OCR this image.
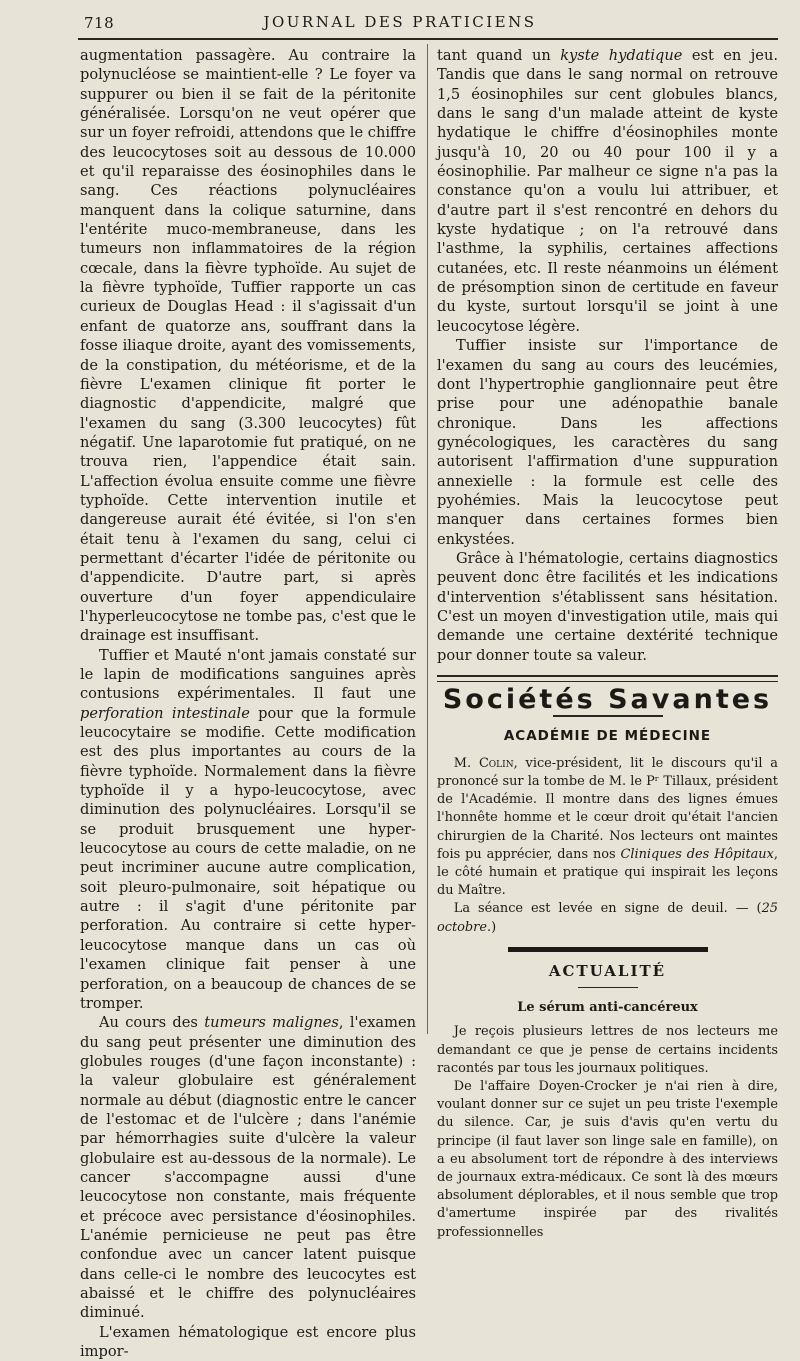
718	JOURNAL DES PRATICIENS

augmentation passagère. Au contraire la polynucléose se maintient-elle ? Le foyer va suppurer ou bien il se fait de la péritonite généralisée. Lorsqu'on ne veut opérer que sur un foyer refroidi, attendons que le chiffre des leucocytoses soit au dessous de 10.000 et qu'il reparaisse des éosinophiles dans le sang. Ces réactions polynucléaires manquent dans la colique saturnine, dans l'entérite muco-membraneuse, dans les tumeurs non inflammatoires de la région cœcale, dans la fièvre typhoïde. Au sujet de la fièvre typhoïde, Tuffier rapporte un cas curieux de Douglas Head : il s'agissait d'un enfant de quatorze ans, souffrant dans la fosse iliaque droite, ayant des vomissements, de la constipation, du météorisme, et de la fièvre L'examen clinique fit porter le diagnostic d'appendicite, malgré que l'examen du sang (3.300 leucocytes) fût négatif. Une laparotomie fut pratiqué, on ne trouva rien, l'appendice était sain. L'affection évolua ensuite comme une fièvre typhoïde. Cette intervention inutile et dangereuse aurait été évitée, si l'on s'en était tenu à l'examen du sang, celui ci permettant d'écarter l'idée de péritonite ou d'appendicite. D'autre part, si après ouverture d'un foyer appendiculaire l'hyperleucocytose ne tombe pas, c'est que le drainage est insuffisant.

Tuffier et Mauté n'ont jamais constaté sur le lapin de modifications sanguines après contusions expérimentales. Il faut une perforation intestinale pour que la formule leucocytaire se modifie. Cette modification est des plus importantes au cours de la fièvre typhoïde. Normalement dans la fièvre typhoïde il y a hypo-leucocytose, avec diminution des polynucléaires. Lorsqu'il se se produit brusquement une hyper-leucocytose au cours de cette maladie, on ne peut incriminer aucune autre complication, soit pleuro-pulmonaire, soit hépatique ou autre : il s'agit d'une péritonite par perforation. Au contraire si cette hyper-leucocytose manque dans un cas où l'examen clinique fait penser à une perforation, on a beaucoup de chances de se tromper.

Au cours des tumeurs malignes, l'examen du sang peut présenter une diminution des globules rouges (d'une façon inconstante) : la valeur globulaire est généralement normale au début (diagnostic entre le cancer de l'estomac et de l'ulcère ; dans l'anémie par hémorrhagies suite d'ulcère la valeur globulaire est au-dessous de la normale). Le cancer s'accompagne aussi d'une leucocytose non constante, mais fréquente et précoce avec persistance d'éosinophiles. L'anémie pernicieuse ne peut pas être confondue avec un cancer latent puisque dans celle-ci le nombre des leucocytes est abaissé et le chiffre des polynucléaires diminué.

L'examen hématologique est encore plus impor-

tant quand un kyste hydatique est en jeu. Tandis que dans le sang normal on retrouve 1,5 éosinophiles sur cent globules blancs, dans le sang d'un malade atteint de kyste hydatique le chiffre d'éosinophiles monte jusqu'à 10, 20 ou 40 pour 100 il y a éosinophilie. Par malheur ce signe n'a pas la constance qu'on a voulu lui attribuer, et d'autre part il s'est rencontré en dehors du kyste hydatique ; on l'a retrouvé dans l'asthme, la syphilis, certaines affections cutanées, etc. Il reste néanmoins un élément de présomption sinon de certitude en faveur du kyste, surtout lorsqu'il se joint à une leucocytose légère.

Tuffier insiste sur l'importance de l'examen du sang au cours des leucémies, dont l'hypertrophie ganglionnaire peut être prise pour une adénopathie banale chronique. Dans les affections gynécologiques, les caractères du sang autorisent l'affirmation d'une suppuration annexielle : la formule est celle des pyohémies. Mais la leucocytose peut manquer dans certaines formes bien enkystées.

Grâce à l'hématologie, certains diagnostics peuvent donc être facilités et les indications d'intervention s'établissent sans hésitation. C'est un moyen d'investigation utile, mais qui demande une certaine dextérité technique pour donner toute sa valeur.

Sociétés Savantes
ACADÉMIE DE MÉDECINE

M. Colin, vice-président, lit le discours qu'il a prononcé sur la tombe de M. le Pʳ Tillaux, président de l'Académie. Il montre dans des lignes émues l'honnête homme et le cœur droit qu'était l'ancien chirurgien de la Charité. Nos lecteurs ont maintes fois pu apprécier, dans nos Cliniques des Hôpitaux, le côté humain et pratique qui inspirait les leçons du Maître.

La séance est levée en signe de deuil. — (25 octobre.)

ACTUALITÉ
Le sérum anti-cancéreux

Je reçois plusieurs lettres de nos lecteurs me demandant ce que je pense de certains incidents racontés par tous les journaux politiques.

De l'affaire Doyen-Crocker je n'ai rien à dire, voulant donner sur ce sujet un peu triste l'exemple du silence. Car, je suis d'avis qu'en vertu du principe (il faut laver son linge sale en famille), on a eu absolument tort de répondre à des interviews de journaux extra-médicaux. Ce sont là des mœurs absolument déplorables, et il nous semble que trop d'amertume inspirée par des rivalités professionnelles
